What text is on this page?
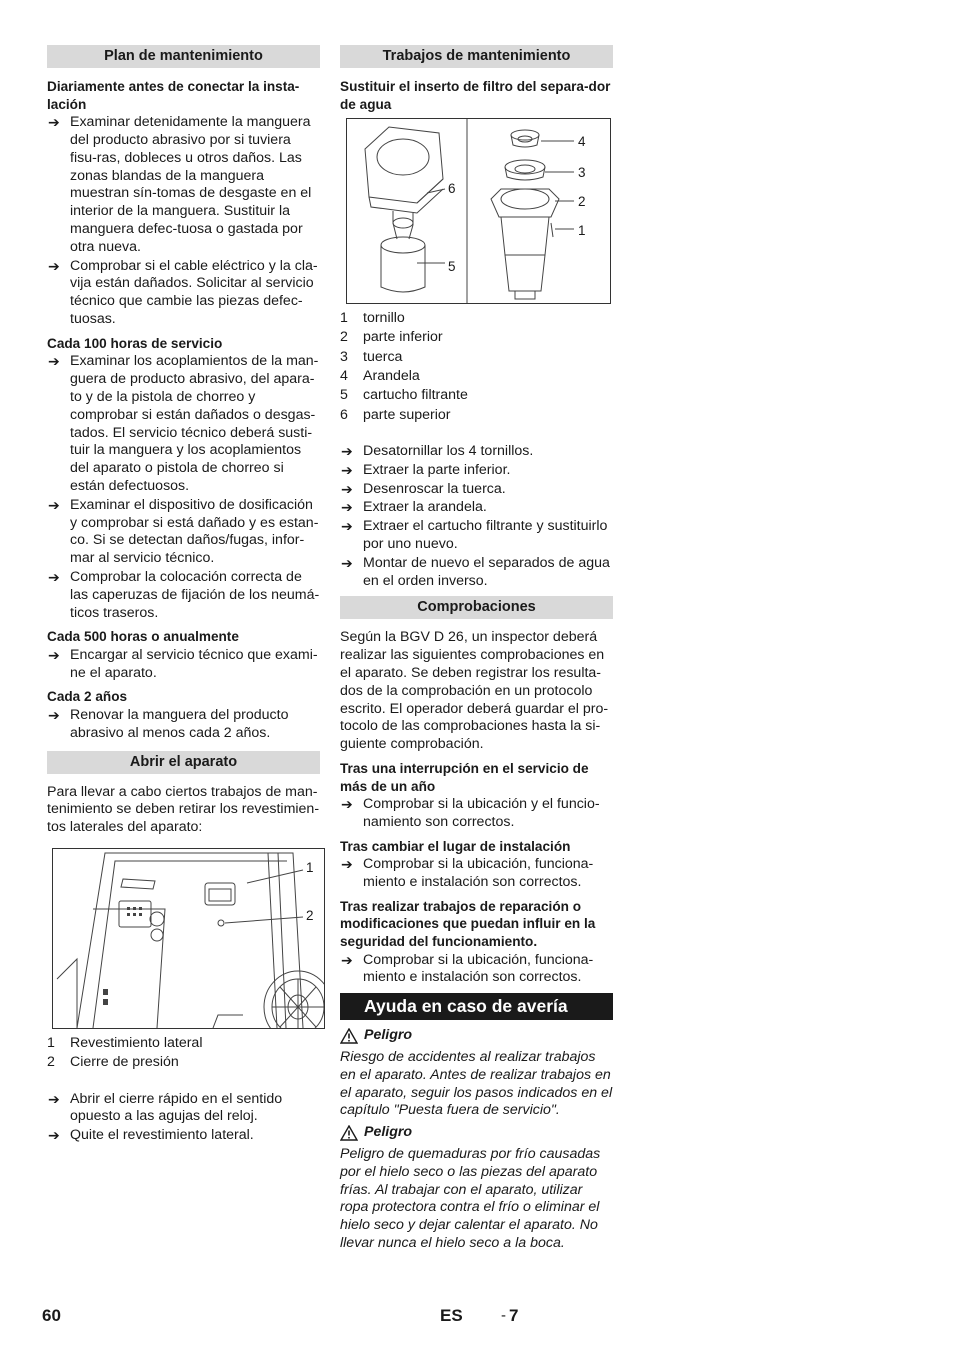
Plan de mantenimiento
Diariamente antes de conectar la insta-lación
➔ Examinar detenidamente la manguera del producto abrasivo por si tuviera fisu-ras, dobleces u otros daños. Las zonas blandas de la manguera muestran sín-tomas de desgaste en el interior de la manguera. Sustituir la manguera defec-tuosa o gastada por otra nueva.
➔ Comprobar si el cable eléctrico y la cla-vija están dañados. Solicitar al servicio técnico que cambie las piezas defec-tuosas.
Cada 100 horas de servicio
➔ Examinar los acoplamientos de la man-guera de producto abrasivo, del apara-to y de la pistola de chorreo y comprobar si están dañados o desgas-tados. El servicio técnico deberá susti-tuir la manguera y los acoplamientos del aparato o pistola de chorreo si están defectuosos.
➔ Examinar el dispositivo de dosificación y comprobar si está dañado y es estan-co. Si se detectan daños/fugas, infor-mar al servicio técnico.
➔ Comprobar la colocación correcta de las caperuzas de fijación de los neumá-ticos traseros.
Cada 500 horas o anualmente
➔ Encargar al servicio técnico que exami-ne el aparato.
Cada 2 años
➔ Renovar la manguera del producto abrasivo al menos cada 2 años.
Abrir el aparato

Para llevar a cabo ciertos trabajos de man-tenimiento se deben retirar los revestimien-tos laterales del aparato:

1
2
1	Revestimiento lateral
2	Cierre de presión
➔ Abrir el cierre rápido en el sentido opuesto a las agujas del reloj.
➔ Quite el revestimiento lateral.
Trabajos de mantenimiento
Sustituir el inserto de filtro del separa-dor de agua
4
3
2
1
6
5
1	tornillo
2	parte inferior
3	tuerca
4	Arandela
5	cartucho filtrante
6	parte superior
➔ Desatornillar los 4 tornillos.
➔ Extraer la parte inferior.
➔ Desenroscar la tuerca.
➔ Extraer la arandela.
➔ Extraer el cartucho filtrante y sustituirlo por uno nuevo.
➔ Montar de nuevo el separados de agua en el orden inverso.
Comprobaciones

Según la BGV D 26, un inspector deberá realizar las siguientes comprobaciones en el aparato. Se deben registrar los resulta-dos de la comprobación en un protocolo escrito. El operador deberá guardar el pro-tocolo de las comprobaciones hasta la si-guiente comprobación.

Tras una interrupción en el servicio de más de un año
➔ Comprobar si la ubicación y el funcio-namiento son correctos.
Tras cambiar el lugar de instalación
➔ Comprobar si la ubicación, funciona-miento e instalación son correctos.
Tras realizar trabajos de reparación o modificaciones que puedan influir en la seguridad del funcionamiento.
➔ Comprobar si la ubicación, funciona-miento e instalación son correctos.
Ayuda en caso de avería
Peligro

Riesgo de accidentes al realizar trabajos en el aparato. Antes de realizar trabajos en el aparato, seguir los pasos indicados en el capítulo "Puesta fuera de servicio".

Peligro

Peligro de quemaduras por frío causadas por el hielo seco o las piezas del aparato frías. Al trabajar con el aparato, utilizar ropa protectora contra el frío o eliminar el hielo seco y dejar calentar el aparato. No llevar nunca el hielo seco a la boca.

60	ES	- 7
